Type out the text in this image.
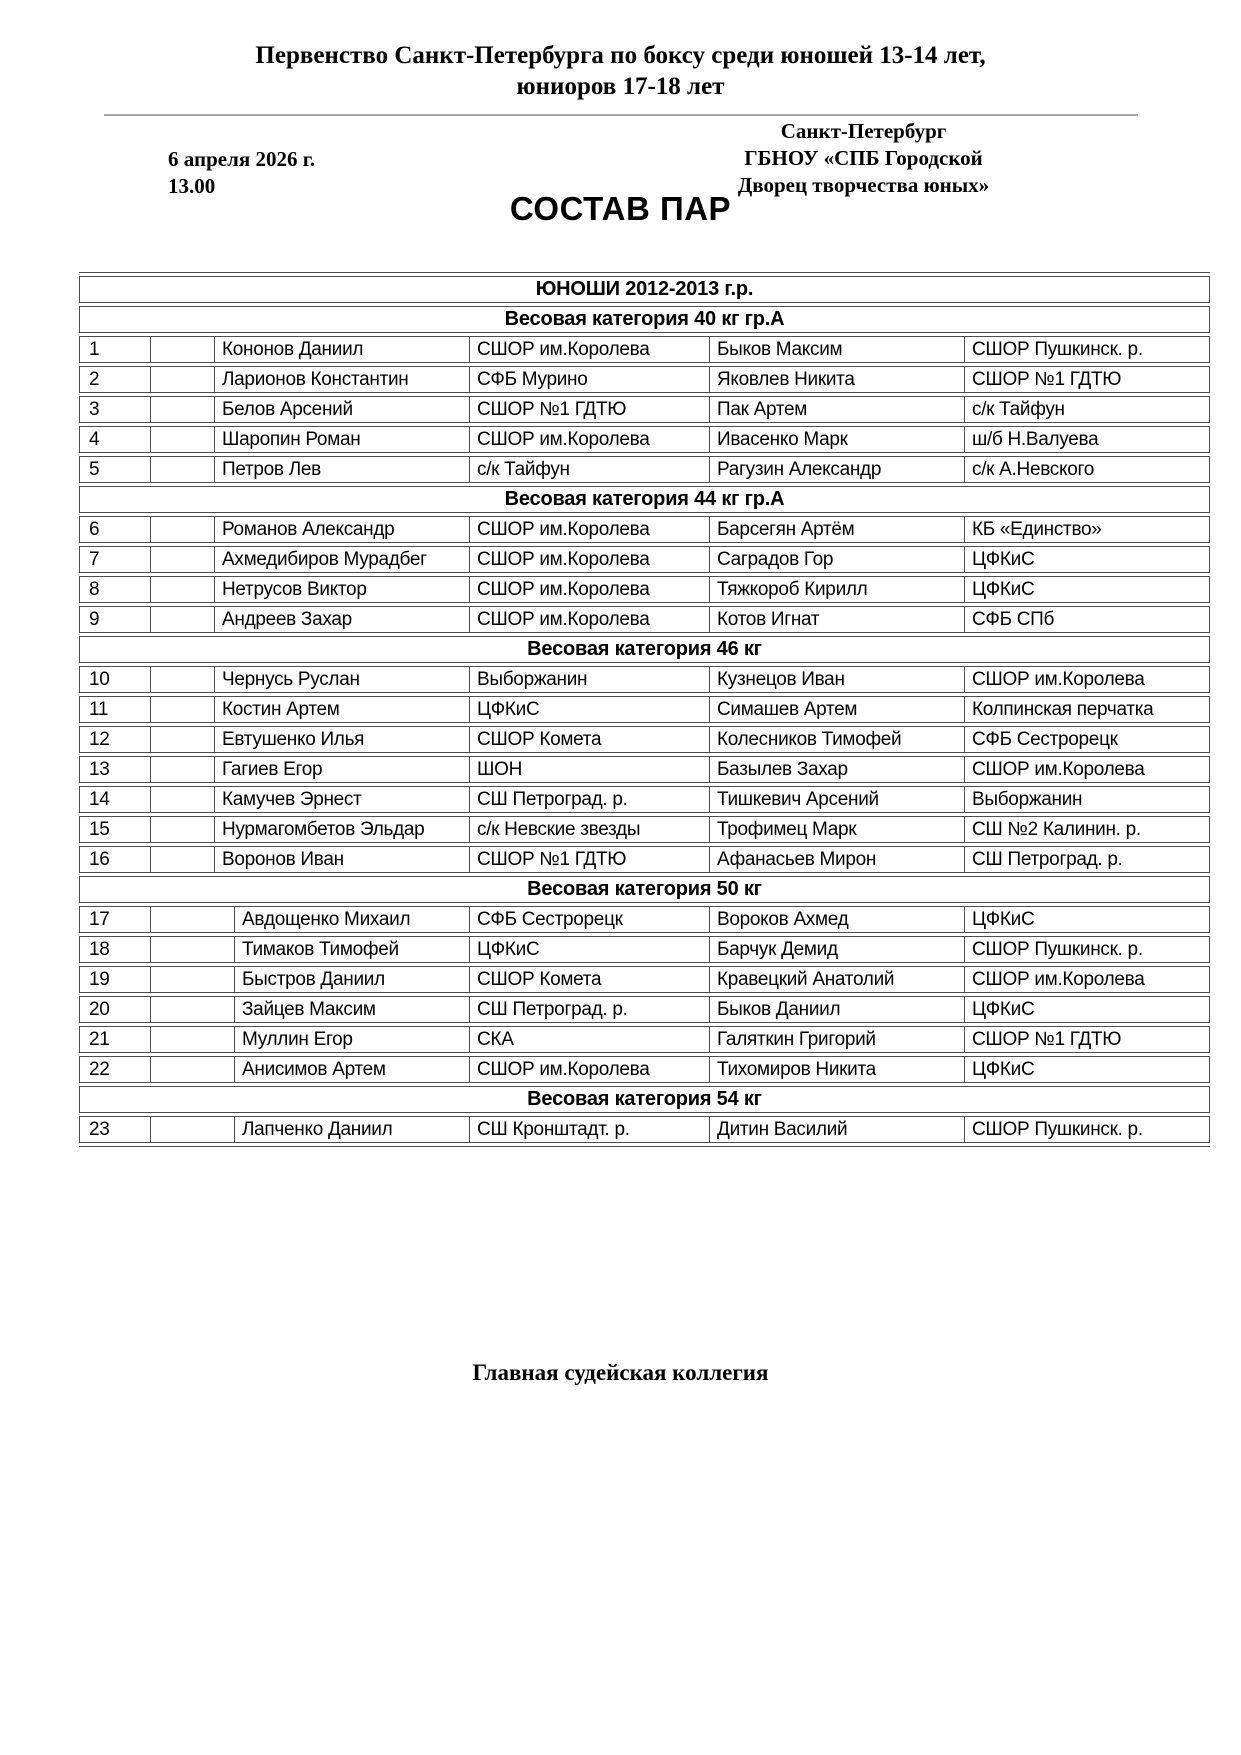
Первенство Санкт-Петербурга по боксу среди юношей 13-14 лет,
юниоров 17-18 лет
Санкт-Петербург
ГБНОУ «СПБ Городской
Дворец творчества юных»
6 апреля 2026 г.
13.00
СОСТАВ ПАР
ЮНОШИ 2012-2013 г.р.
Весовая категория 40 кг гр.А
1	Кононов Даниил	СШОР им.Королева	Быков Максим	СШОР Пушкинск. р.
2	Ларионов Константин	СФБ Мурино	Яковлев Никита	СШОР №1 ГДТЮ
3	Белов Арсений	СШОР №1 ГДТЮ	Пак Артем	с/к Тайфун
4	Шаропин Роман	СШОР им.Королева	Ивасенко Марк	ш/б Н.Валуева
5	Петров Лев	с/к Тайфун	Рагузин Александр	с/к А.Невского
Весовая категория 44 кг гр.А
6	Романов Александр	СШОР им.Королева	Барсегян Артём	КБ «Единство»
7	Ахмедибиров Мурадбег	СШОР им.Королева	Саградов Гор	ЦФКиС
8	Нетрусов Виктор	СШОР им.Королева	Тяжкороб Кирилл	ЦФКиС
9	Андреев Захар	СШОР им.Королева	Котов Игнат	СФБ СПб
Весовая категория 46 кг
10	Чернусь Руслан	Выборжанин	Кузнецов Иван	СШОР им.Королева
11	Костин Артем	ЦФКиС	Симашев Артем	Колпинская перчатка
12	Евтушенко Илья	СШОР Комета	Колесников Тимофей	СФБ Сестрорецк
13	Гагиев Егор	ШОН	Базылев Захар	СШОР им.Королева
14	Камучев Эрнест	СШ Петроград. р.	Тишкевич Арсений	Выборжанин
15	Нурмагомбетов Эльдар	с/к Невские звезды	Трофимец Марк	СШ №2 Калинин. р.
16	Воронов Иван	СШОР №1 ГДТЮ	Афанасьев Мирон	СШ Петроград. р.
Весовая категория 50 кг
17	Авдощенко Михаил	СФБ Сестрорецк	Вороков Ахмед	ЦФКиС
18	Тимаков Тимофей	ЦФКиС	Барчук Демид	СШОР Пушкинск. р.
19	Быстров Даниил	СШОР Комета	Кравецкий Анатолий	СШОР им.Королева
20	Зайцев Максим	СШ Петроград. р.	Быков Даниил	ЦФКиС
21	Муллин Егор	СКА	Галяткин Григорий	СШОР №1 ГДТЮ
22	Анисимов Артем	СШОР им.Королева	Тихомиров Никита	ЦФКиС
Весовая категория 54 кг
23	Лапченко Даниил	СШ Кронштадт. р.	Дитин Василий	СШОР Пушкинск. р.
Главная судейская коллегия
